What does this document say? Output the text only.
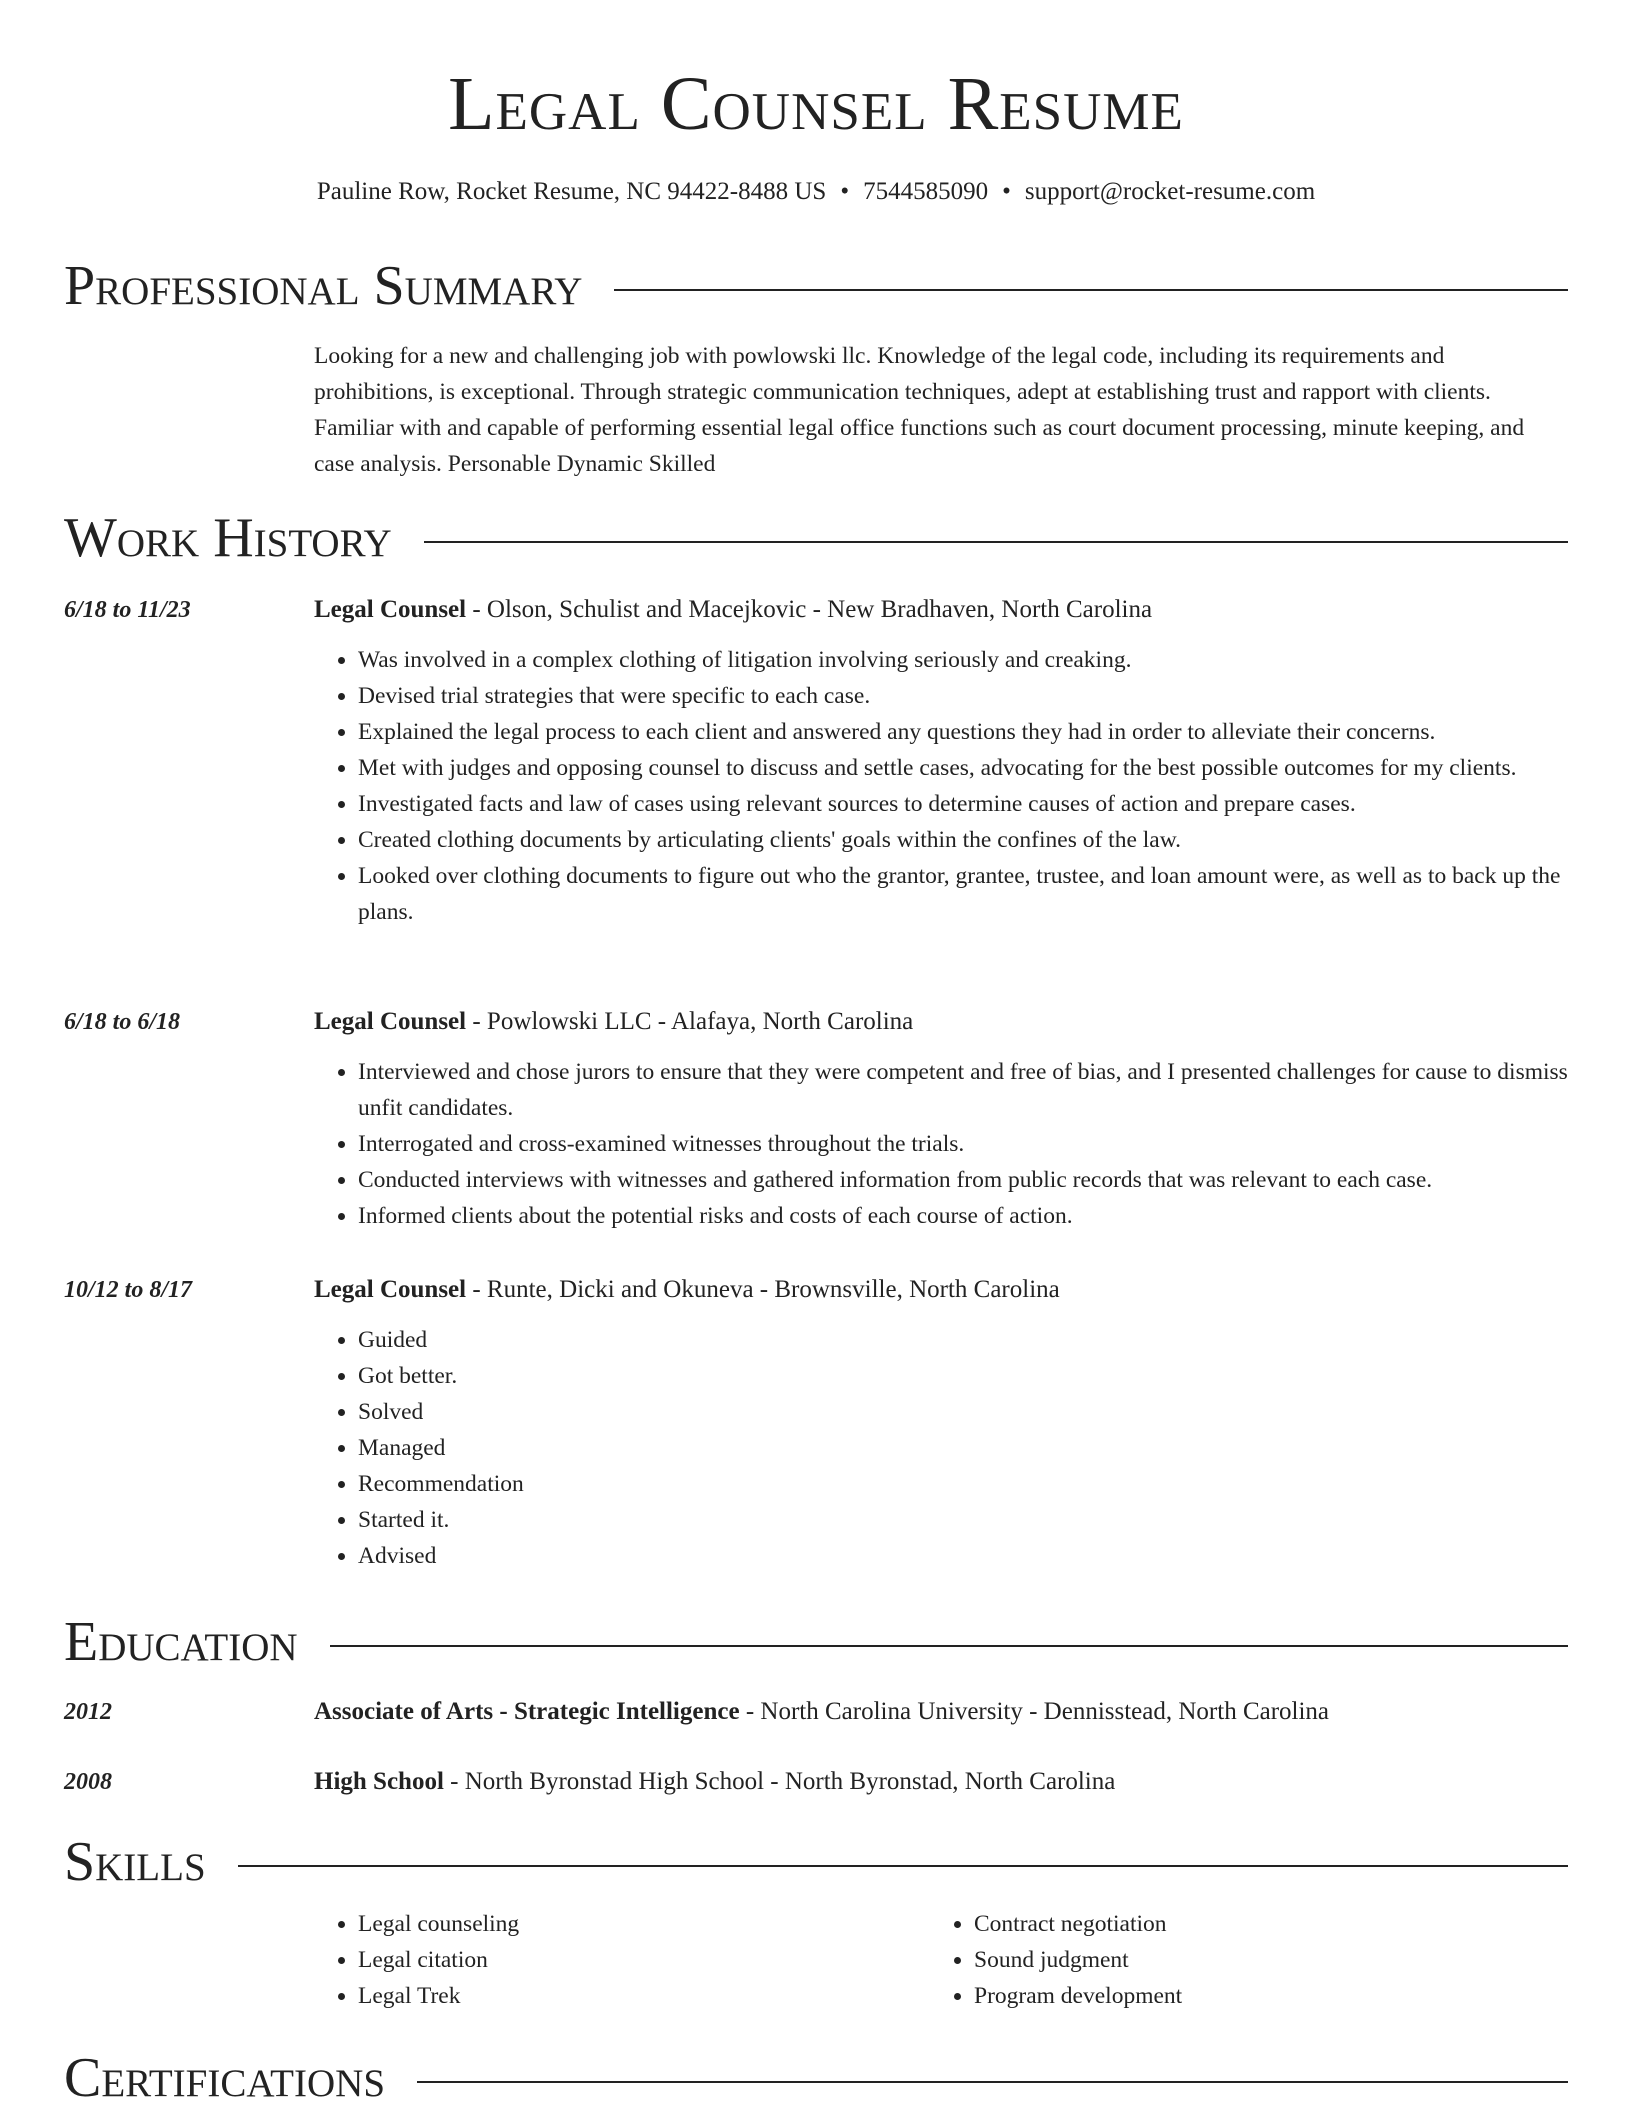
Legal Counsel Resume
Pauline Row, Rocket Resume, NC 94422-8488 US • 7544585090 • support@rocket-resume.com
Professional Summary
Looking for a new and challenging job with powlowski llc. Knowledge of the legal code, including its requirements and prohibitions, is exceptional. Through strategic communication techniques, adept at establishing trust and rapport with clients. Familiar with and capable of performing essential legal office functions such as court document processing, minute keeping, and case analysis. Personable Dynamic Skilled
Work History
6/18 to 11/23	Legal Counsel - Olson, Schulist and Macejkovic - New Bradhaven, North Carolina
• Was involved in a complex clothing of litigation involving seriously and creaking.
• Devised trial strategies that were specific to each case.
• Explained the legal process to each client and answered any questions they had in order to alleviate their concerns.
• Met with judges and opposing counsel to discuss and settle cases, advocating for the best possible outcomes for my clients.
• Investigated facts and law of cases using relevant sources to determine causes of action and prepare cases.
• Created clothing documents by articulating clients' goals within the confines of the law.
• Looked over clothing documents to figure out who the grantor, grantee, trustee, and loan amount were, as well as to back up the plans.
6/18 to 6/18	Legal Counsel - Powlowski LLC - Alafaya, North Carolina
• Interviewed and chose jurors to ensure that they were competent and free of bias, and I presented challenges for cause to dismiss unfit candidates.
• Interrogated and cross-examined witnesses throughout the trials.
• Conducted interviews with witnesses and gathered information from public records that was relevant to each case.
• Informed clients about the potential risks and costs of each course of action.
10/12 to 8/17	Legal Counsel - Runte, Dicki and Okuneva - Brownsville, North Carolina
• Guided
• Got better.
• Solved
• Managed
• Recommendation
• Started it.
• Advised
Education
2012	Associate of Arts - Strategic Intelligence - North Carolina University - Dennisstead, North Carolina
2008	High School - North Byronstad High School - North Byronstad, North Carolina
Skills
• Legal counseling
• Legal citation
• Legal Trek
• Contract negotiation
• Sound judgment
• Program development
Certifications
